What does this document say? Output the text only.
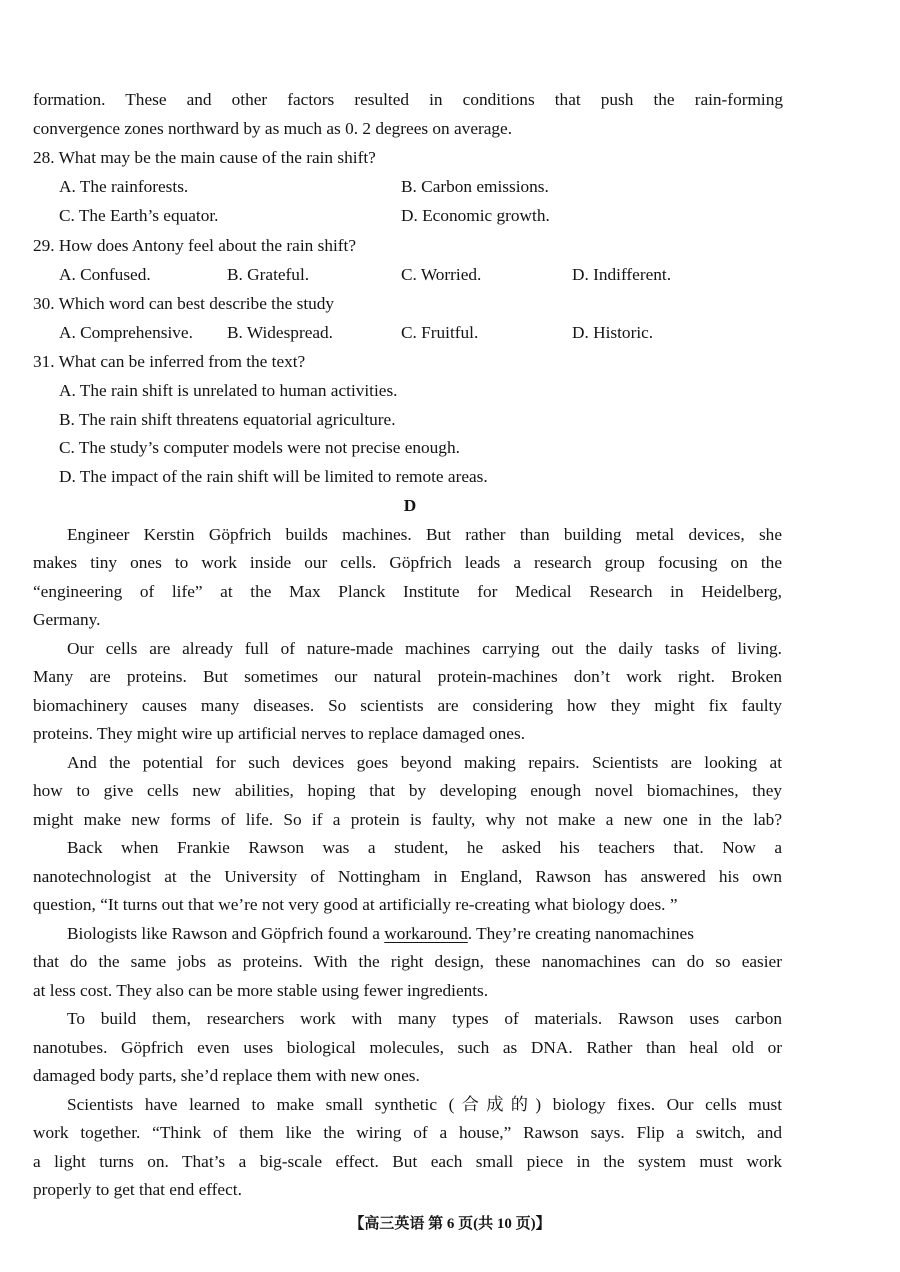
formation. These and other factors resulted in conditions that push the rain-forming
convergence zones northward by as much as 0. 2 degrees on average.
28. What may be the main cause of the rain shift?
A. The rainforests.	B. Carbon emissions.
C. The Earth’s equator.	D. Economic growth.
29. How does Antony feel about the rain shift?
A. Confused.	B. Grateful.	C. Worried.	D. Indifferent.
30. Which word can best describe the study
A. Comprehensive. B. Widespread.	C. Fruitful.	D. Historic.
31. What can be inferred from the text?
A. The rain shift is unrelated to human activities.
B. The rain shift threatens equatorial agriculture.
C. The study’s computer models were not precise enough.
D. The impact of the rain shift will be limited to remote areas.
D
Engineer Kerstin Göpfrich builds machines. But rather than building metal devices, she
makes tiny ones to work inside our cells. Göpfrich leads a research group focusing on the
“engineering of life” at the Max Planck Institute for Medical Research in Heidelberg,
Germany.
Our cells are already full of nature-made machines carrying out the daily tasks of living.
Many are proteins. But sometimes our natural protein-machines don’t work right. Broken
biomachinery causes many diseases. So scientists are considering how they might fix faulty
proteins. They might wire up artificial nerves to replace damaged ones.
And the potential for such devices goes beyond making repairs. Scientists are looking at
how to give cells new abilities, hoping that by developing enough novel biomachines, they
might make new forms of life. So if a protein is faulty, why not make a new one in the lab?
Back when Frankie Rawson was a student, he asked his teachers that. Now a
nanotechnologist at the University of Nottingham in England, Rawson has answered his own
question, “It turns out that we’re not very good at artificially re-creating what biology does. ”
Biologists like Rawson and Göpfrich found a workaround. They’re creating nanomachines
that do the same jobs as proteins. With the right design, these nanomachines can do so easier
at less cost. They also can be more stable using fewer ingredients.
To build them, researchers work with many types of materials. Rawson uses carbon
nanotubes. Göpfrich even uses biological molecules, such as DNA. Rather than heal old or
damaged body parts, she’d replace them with new ones.
Scientists have learned to make small synthetic (合成的) biology fixes. Our cells must
work together. “Think of them like the wiring of a house,” Rawson says. Flip a switch, and
a light turns on. That’s a big-scale effect. But each small piece in the system must work
properly to get that end effect.
【高三英语 第 6 页(共 10 页)】
